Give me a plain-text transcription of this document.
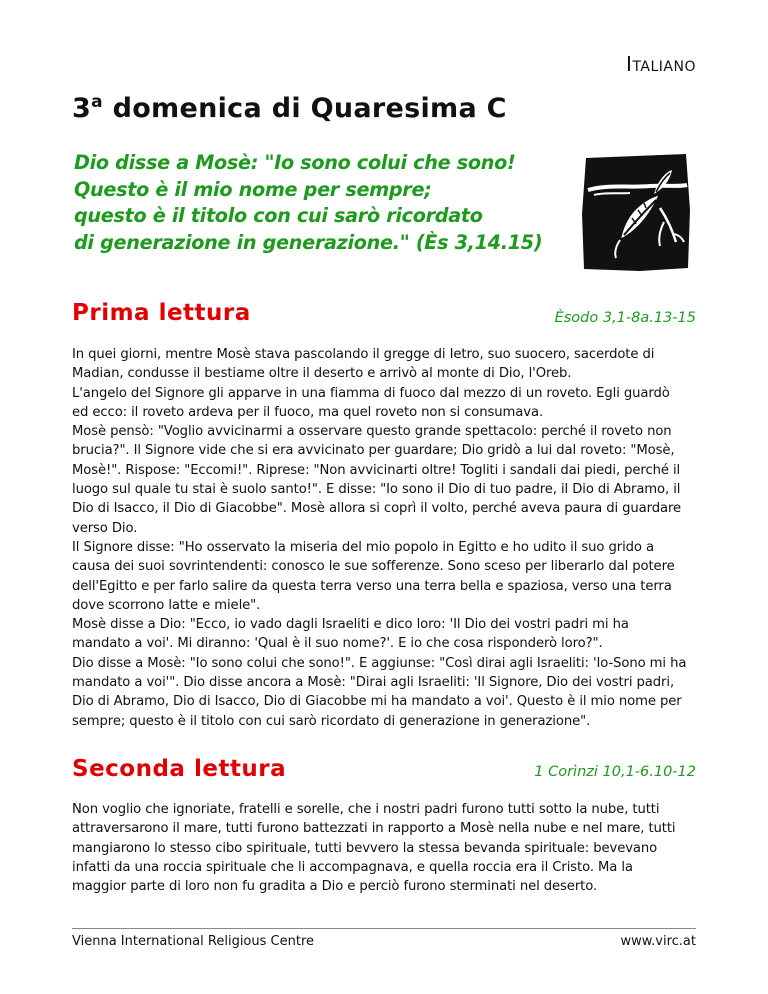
Italiano
3$^a$ domenica di Quaresima C
Dio disse a Mosè: "Io sono colui che sono!
Questo è il mio nome per sempre;
questo è il titolo con cui sarò ricordato
di generazione in generazione." (Ès 3,14.15)
Prima lettura	Èsodo 3,1-8a.13-15
In quei giorni, mentre Mosè stava pascolando il gregge di Ietro, suo suocero, sacerdote di
Madian, condusse il bestiame oltre il deserto e arrivò al monte di Dio, l'Oreb.
L'angelo del Signore gli apparve in una fiamma di fuoco dal mezzo di un roveto. Egli guardò
ed ecco: il roveto ardeva per il fuoco, ma quel roveto non si consumava.
Mosè pensò: "Voglio avvicinarmi a osservare questo grande spettacolo: perché il roveto non
brucia?". Il Signore vide che si era avvicinato per guardare; Dio gridò a lui dal roveto: "Mosè,
Mosè!". Rispose: "Eccomi!". Riprese: "Non avvicinarti oltre! Togliti i sandali dai piedi, perché il
luogo sul quale tu stai è suolo santo!". E disse: "Io sono il Dio di tuo padre, il Dio di Abramo, il
Dio di Isacco, il Dio di Giacobbe". Mosè allora si coprì il volto, perché aveva paura di guardare
verso Dio.
Il Signore disse: "Ho osservato la miseria del mio popolo in Egitto e ho udito il suo grido a
causa dei suoi sovrintendenti: conosco le sue sofferenze. Sono sceso per liberarlo dal potere
dell'Egitto e per farlo salire da questa terra verso una terra bella e spaziosa, verso una terra
dove scorrono latte e miele".
Mosè disse a Dio: "Ecco, io vado dagli Israeliti e dico loro: 'Il Dio dei vostri padri mi ha
mandato a voi'. Mi diranno: 'Qual è il suo nome?'. E io che cosa risponderò loro?".
Dio disse a Mosè: "Io sono colui che sono!". E aggiunse: "Così dirai agli Israeliti: 'Io-Sono mi ha
mandato a voi'". Dio disse ancora a Mosè: "Dirai agli Israeliti: 'Il Signore, Dio dei vostri padri,
Dio di Abramo, Dio di Isacco, Dio di Giacobbe mi ha mandato a voi'. Questo è il mio nome per
sempre; questo è il titolo con cui sarò ricordato di generazione in generazione".
Seconda lettura	1 Corìnzi 10,1-6.10-12
Non voglio che ignoriate, fratelli e sorelle, che i nostri padri furono tutti sotto la nube, tutti
attraversarono il mare, tutti furono battezzati in rapporto a Mosè nella nube e nel mare, tutti
mangiarono lo stesso cibo spirituale, tutti bevvero la stessa bevanda spirituale: bevevano
infatti da una roccia spirituale che li accompagnava, e quella roccia era il Cristo. Ma la
maggior parte di loro non fu gradita a Dio e perciò furono sterminati nel deserto.
Vienna International Religious Centre	www.virc.at
